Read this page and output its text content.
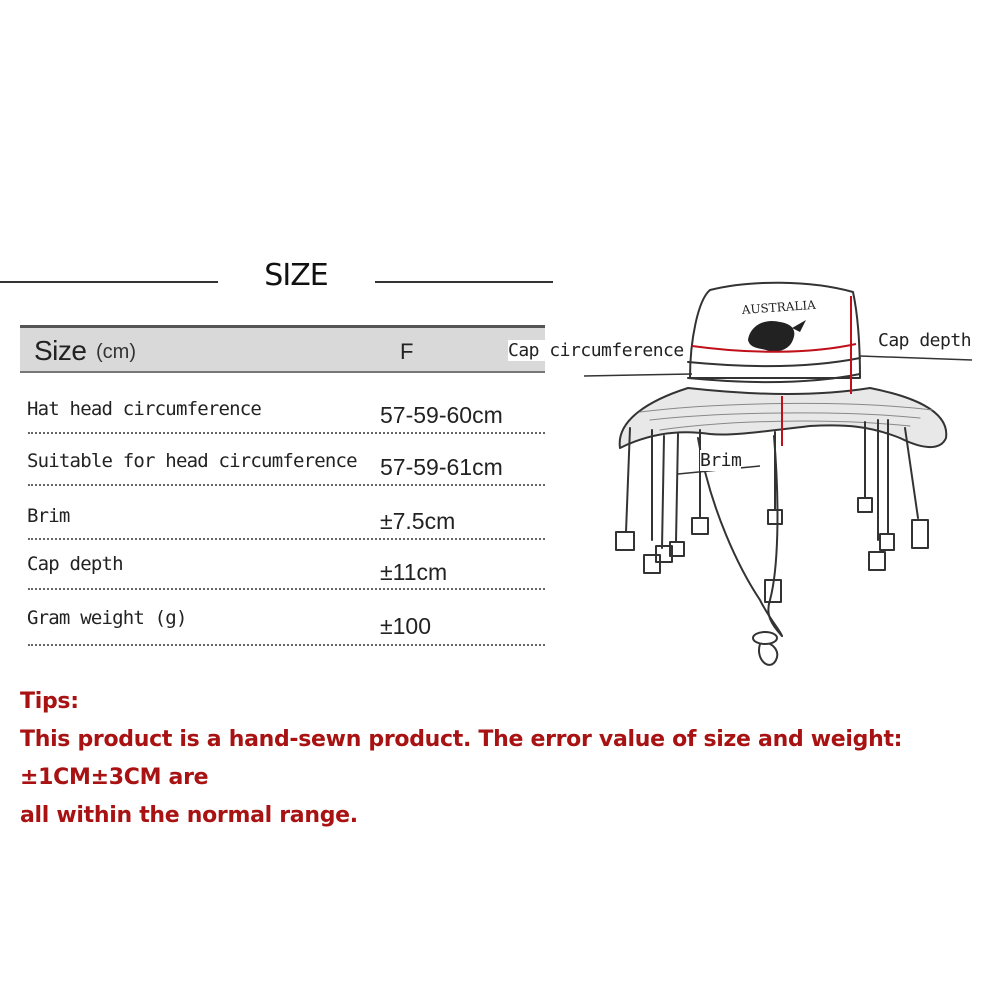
SIZE
Size (cm)	F
Hat head circumference	57-59-60cm
Suitable for head circumference 57-59-61cm
Brim	±7.5cm
Cap depth	±11cm
Gram weight (g)	±100
AUSTRALIA
Cap circumference	Cap depth
Brim

Tips:

This product is a hand-sewn product. The error value of size and weight: ±1CM±3CM are

all within the normal range.
